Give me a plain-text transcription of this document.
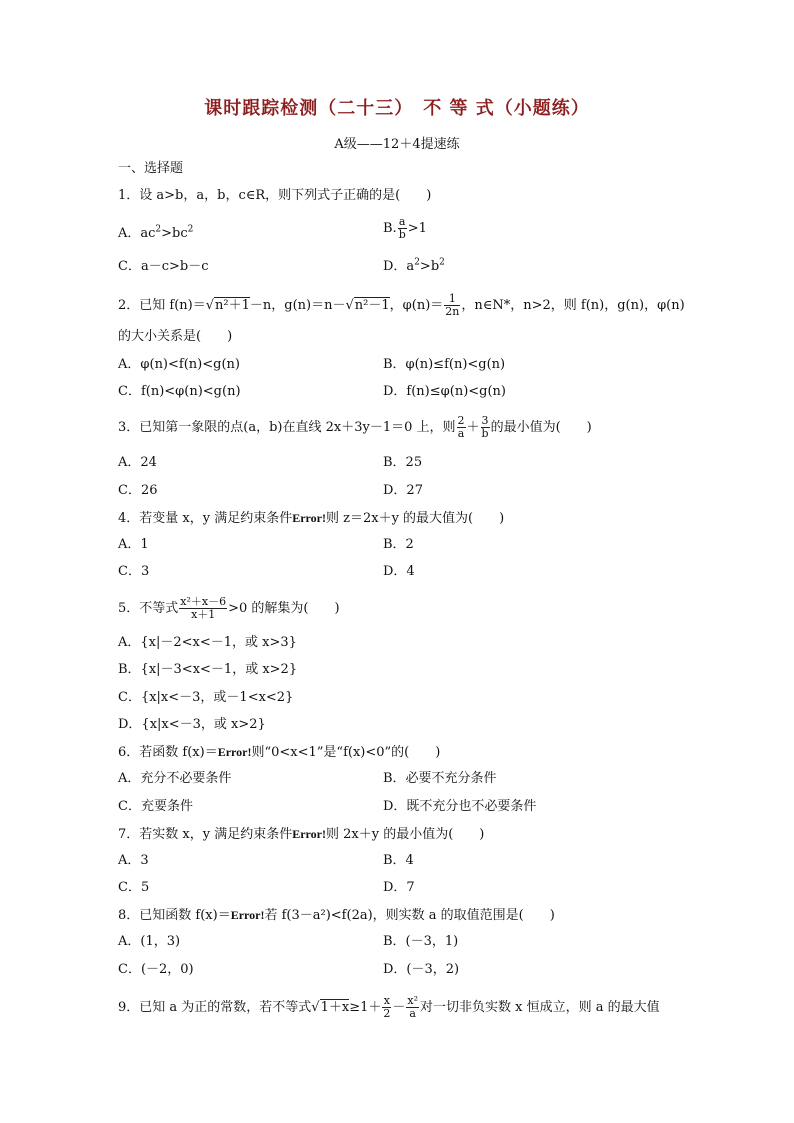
课时跟踪检测（二十三）　不 等 式（小题练）
A级——12＋4提速练
一、选择题
1．设 a>b，a，b，c∈R，则下列式子正确的是(　　)
A．$ac^2>bc^2$	B. $\frac{a}{b} >1$
C．a－c>b－c	D．$a^2>b^2$
2．已知 f(n)＝√n²＋1－n，g(n)＝n－√n²－1，$\varphi(n)= \frac{1}{2n}$ ，n∈N*，n>2，则 f(n)，g(n)，φ(n)
的大小关系是(　　)
A．φ(n)<f(n)<g(n)	B．φ(n)≤f(n)<g(n)
C．f(n)<φ(n)<g(n)	D．f(n)≤φ(n)<g(n)
3．已知第一象限的点(a，b)在直线 2x＋3y－1＝0 上，则 $\frac{2}{a} + \frac{3}{b}$ 的最小值为(　　)
A．24	B．25
C．26	D．27
4．若变量 x，y 满足约束条件Error!则 z＝2x＋y 的最大值为(　　)
A．1	B．2
C．3	D．4
5．不等式 $\frac{\text{x²＋x－6}}{x+1} >0$ 的解集为(　　)
A．{x|－2<x<－1，或 x>3}
B．{x|－3<x<－1，或 x>2}
C．{x|x<－3，或－1<x<2}
D．{x|x<－3，或 x>2}
6．若函数 f(x)＝Error!则“0<x<1”是“f(x)<0”的(　　)
A．充分不必要条件	B．必要不充分条件
C．充要条件	D．既不充分也不必要条件
7．若实数 x，y 满足约束条件Error!则 2x＋y 的最小值为(　　)
A．3	B．4
C．5	D．7
8．已知函数 f(x)＝Error!若 f(3－a²)<f(2a)，则实数 a 的取值范围是(　　)
A．(1，3)	B．(－3，1)
C．(－2，0)	D．(－3，2)
9．已知 a 为正的常数，若不等式$√1+x\ge 1+ \frac{x}{2} - \frac{\text{x²}}{a}$ 对一切非负实数 x 恒成立，则 a 的最大值
